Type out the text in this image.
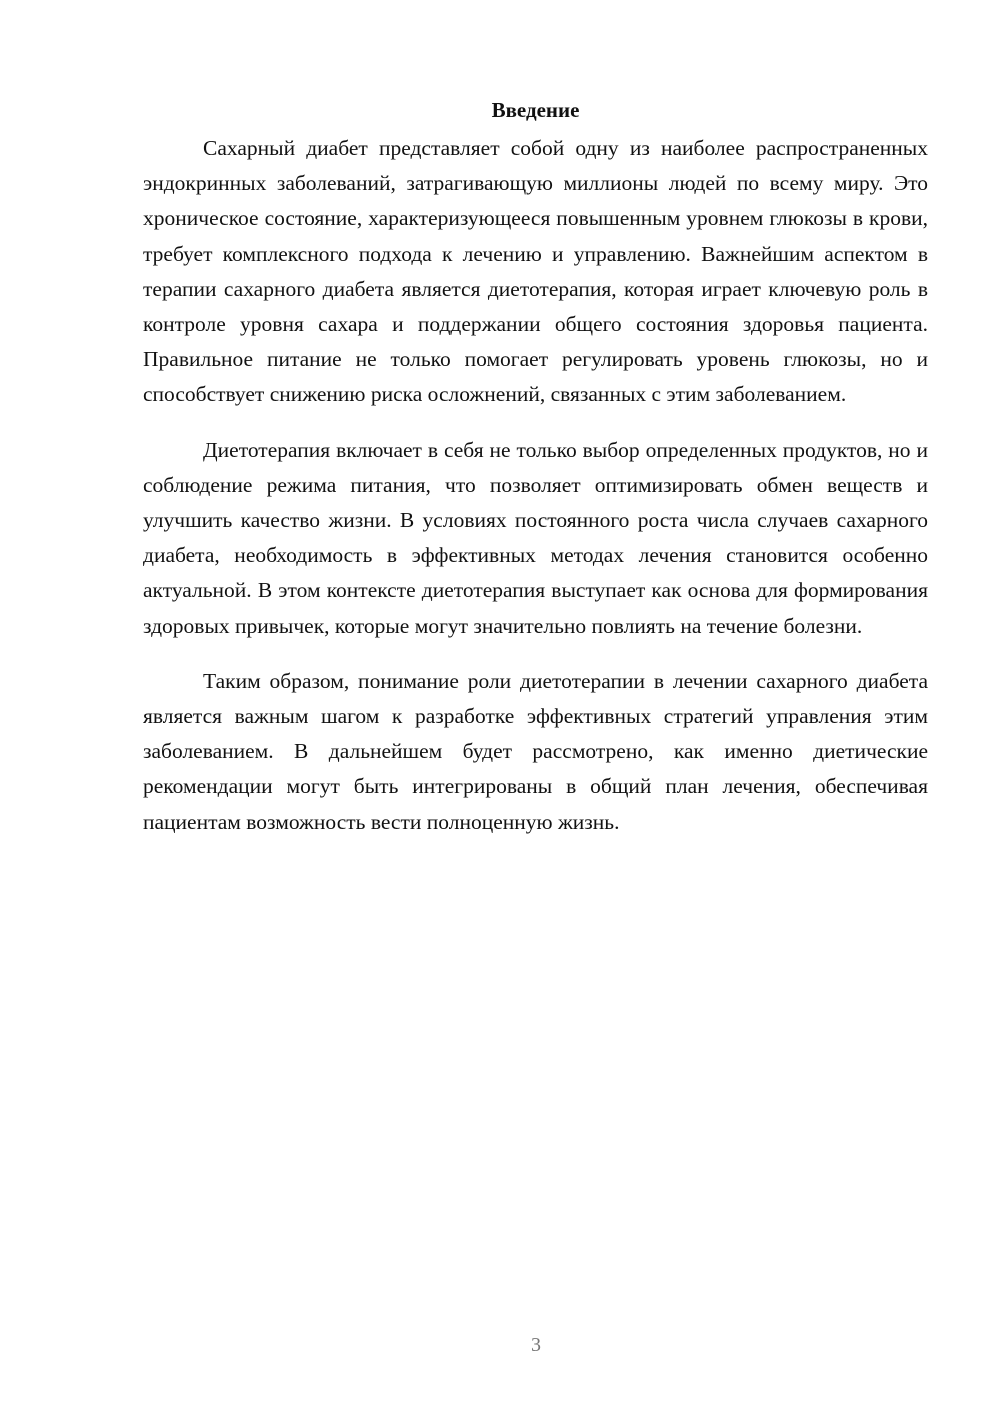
Введение

Сахарный диабет представляет собой одну из наиболее распространенных эндокринных заболеваний, затрагивающую миллионы людей по всему миру. Это хроническое состояние, характеризующееся повышенным уровнем глюкозы в крови, требует комплексного подхода к лечению и управлению. Важнейшим аспектом в терапии сахарного диабета является диетотерапия, которая играет ключевую роль в контроле уровня сахара и поддержании общего состояния здоровья пациента. Правильное питание не только помогает регулировать уровень глюкозы, но и способствует снижению риска осложнений, связанных с этим заболеванием.

Диетотерапия включает в себя не только выбор определенных продуктов, но и соблюдение режима питания, что позволяет оптимизировать обмен веществ и улучшить качество жизни. В условиях постоянного роста числа случаев сахарного диабета, необходимость в эффективных методах лечения становится особенно актуальной. В этом контексте диетотерапия выступает как основа для формирования здоровых привычек, которые могут значительно повлиять на течение болезни.

Таким образом, понимание роли диетотерапии в лечении сахарного диабета является важным шагом к разработке эффективных стратегий управления этим заболеванием. В дальнейшем будет рассмотрено, как именно диетические рекомендации могут быть интегрированы в общий план лечения, обеспечивая пациентам возможность вести полноценную жизнь.

3
